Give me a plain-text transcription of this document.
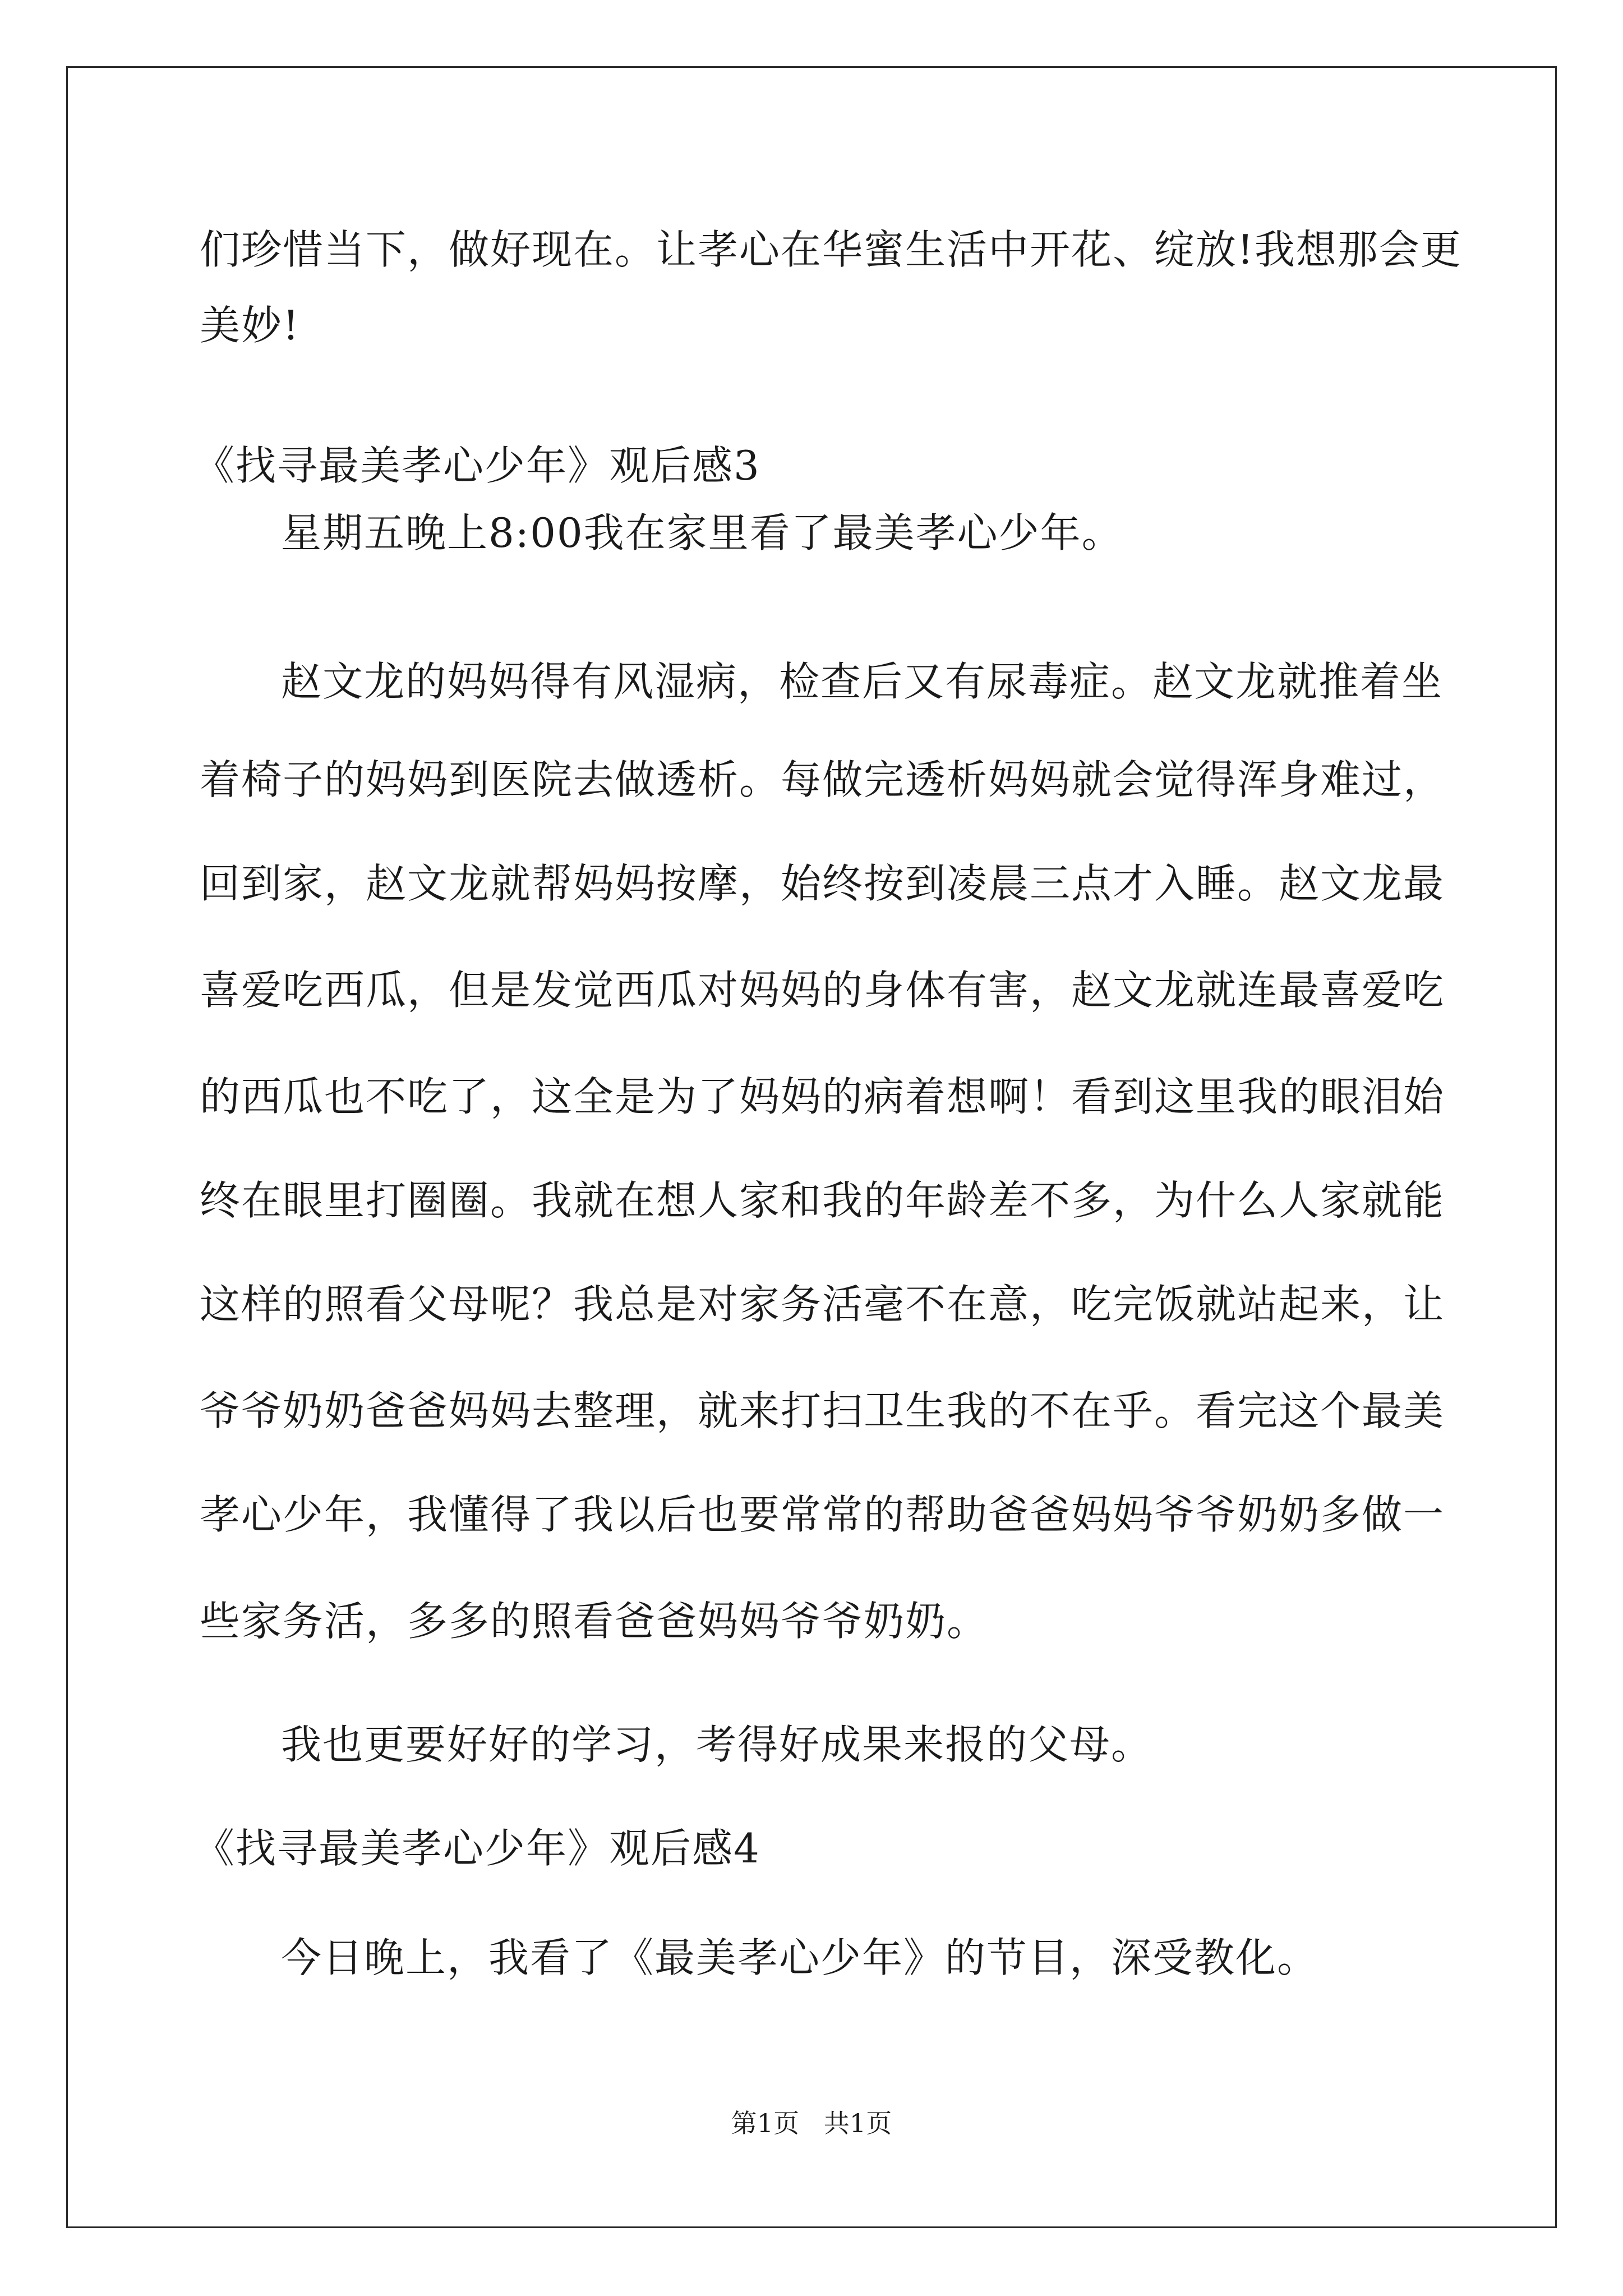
们珍惜当下，做好现在。让孝心在华蜜生活中开花、绽放!我想那会更
美妙!
《找寻最美孝心少年》观后感3
星期五晚上8:00我在家里看了最美孝心少年。
赵文龙的妈妈得有风湿病，检查后又有尿毒症。赵文龙就推着坐
着椅子的妈妈到医院去做透析。每做完透析妈妈就会觉得浑身难过，
回到家，赵文龙就帮妈妈按摩，始终按到凌晨三点才入睡。赵文龙最
喜爱吃西瓜，但是发觉西瓜对妈妈的身体有害，赵文龙就连最喜爱吃
的西瓜也不吃了，这全是为了妈妈的病着想啊！看到这里我的眼泪始
终在眼里打圈圈。我就在想人家和我的年龄差不多，为什么人家就能
这样的照看父母呢？我总是对家务活毫不在意，吃完饭就站起来，让
爷爷奶奶爸爸妈妈去整理，就来打扫卫生我的不在乎。看完这个最美
孝心少年，我懂得了我以后也要常常的帮助爸爸妈妈爷爷奶奶多做一
些家务活，多多的照看爸爸妈妈爷爷奶奶。
我也更要好好的学习，考得好成果来报的父母。
《找寻最美孝心少年》观后感4
今日晚上，我看了《最美孝心少年》的节目，深受教化。
第1页   共1页
